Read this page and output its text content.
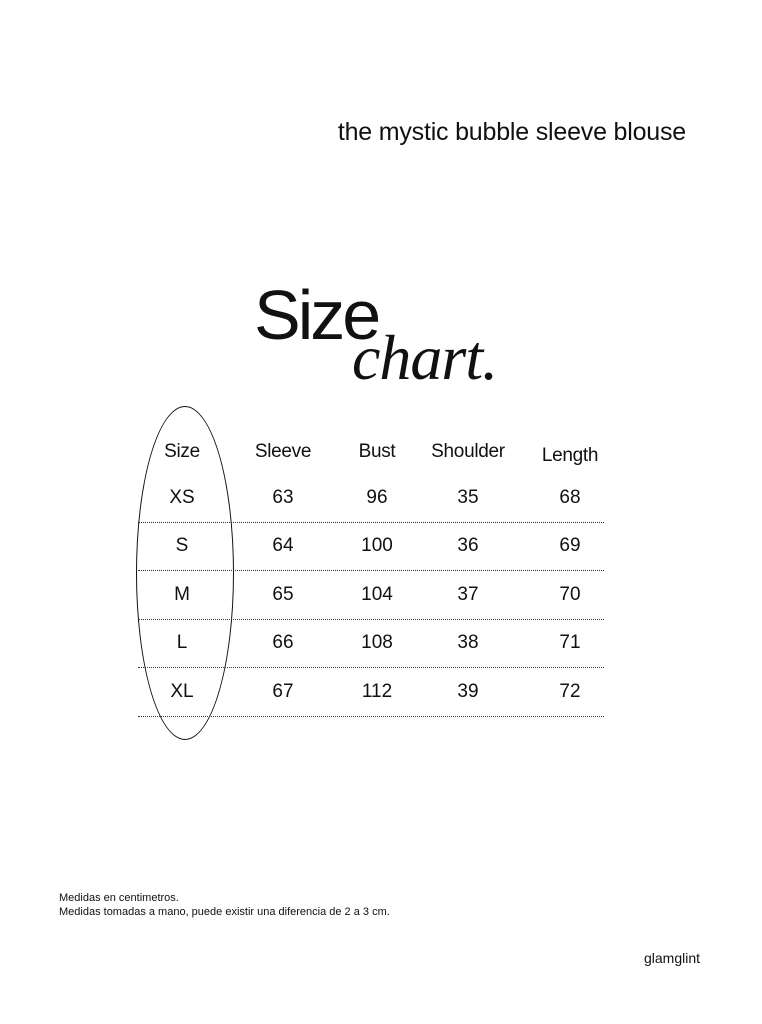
the mystic bubble sleeve blouse
Size
chart.
Size	Sleeve Bust Shoulder Length
XS	63	96	35	68
S	64	100	36	69
M	65	104	37	70
L	66	108	38	71
XL	67	112	39	72
Medidas en centimetros.
Medidas tomadas a mano, puede existir una diferencia de 2 a 3 cm.
glamglint
